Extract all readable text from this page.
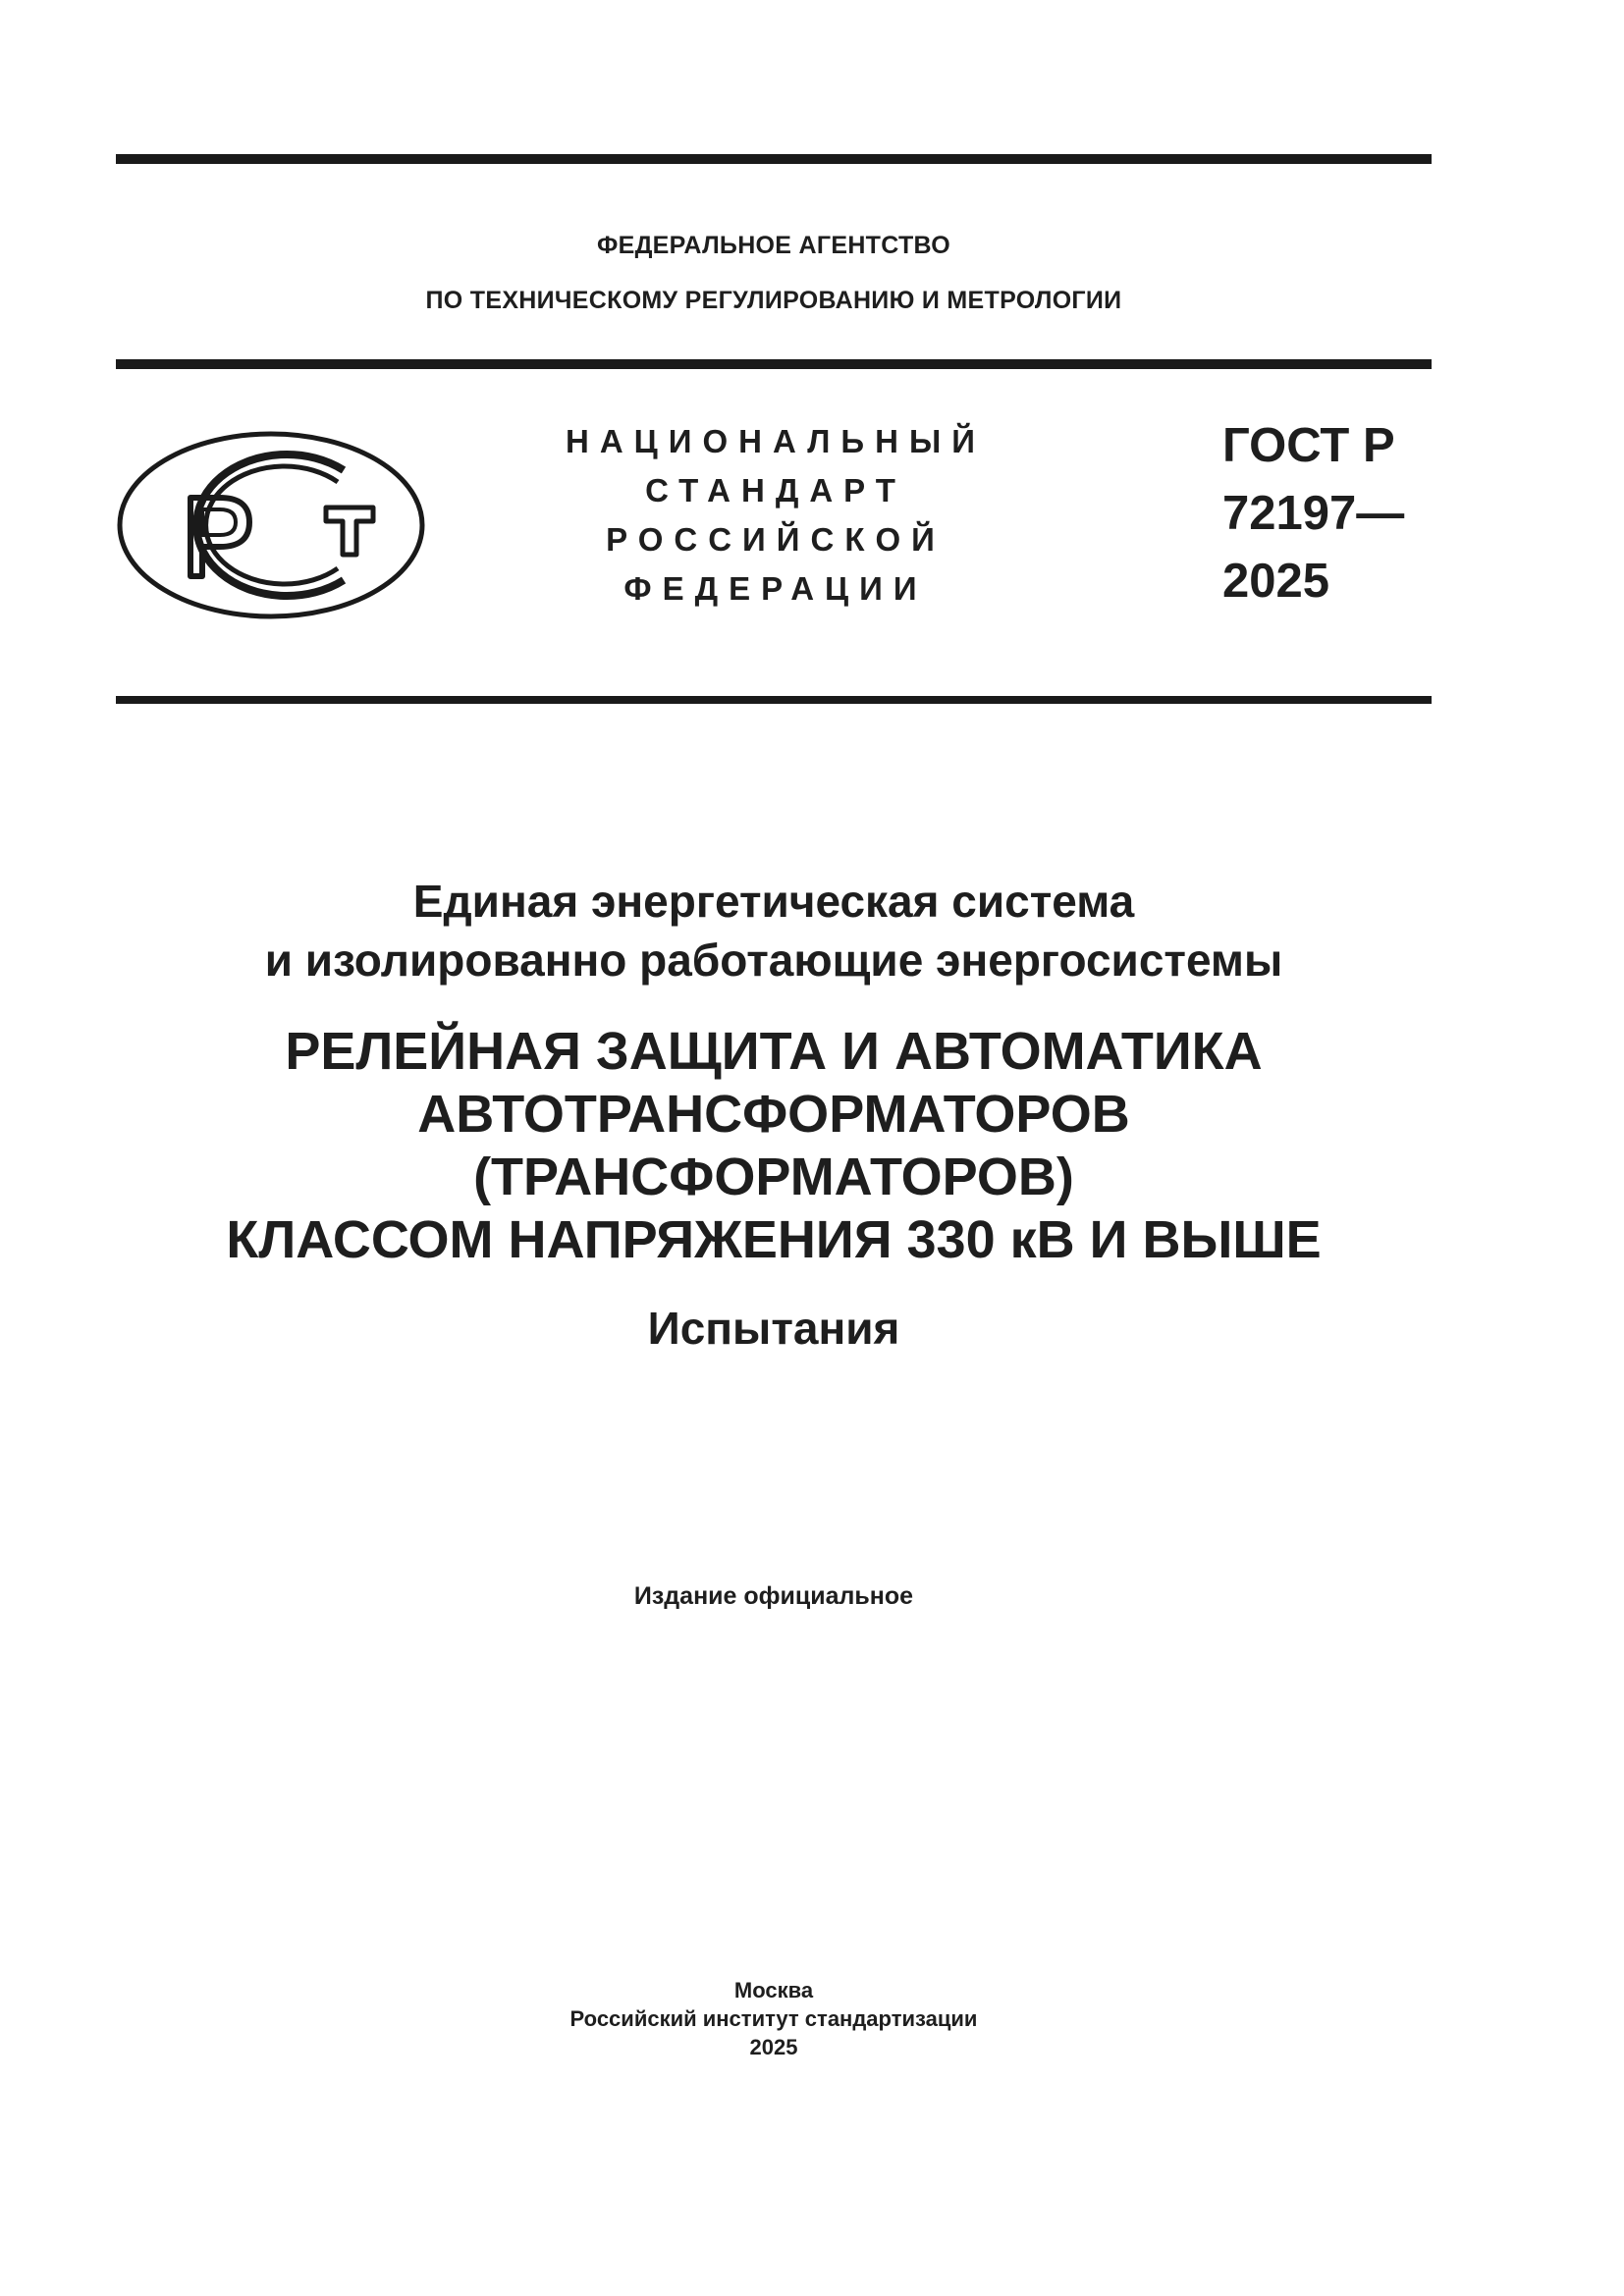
ФЕДЕРАЛЬНОЕ АГЕНТСТВО
ПО ТЕХНИЧЕСКОМУ РЕГУЛИРОВАНИЮ И МЕТРОЛОГИИ
НАЦИОНАЛЬНЫЙ
СТАНДАРТ
РОССИЙСКОЙ
ФЕДЕРАЦИИ
ГОСТ Р
72197—
2025
Единая энергетическая система
и изолированно работающие энергосистемы
РЕЛЕЙНАЯ ЗАЩИТА И АВТОМАТИКА
АВТОТРАНСФОРМАТОРОВ
(ТРАНСФОРМАТОРОВ)
КЛАССОМ НАПРЯЖЕНИЯ 330 кВ И ВЫШЕ
Испытания
Издание официальное
Москва
Российский институт стандартизации
2025
